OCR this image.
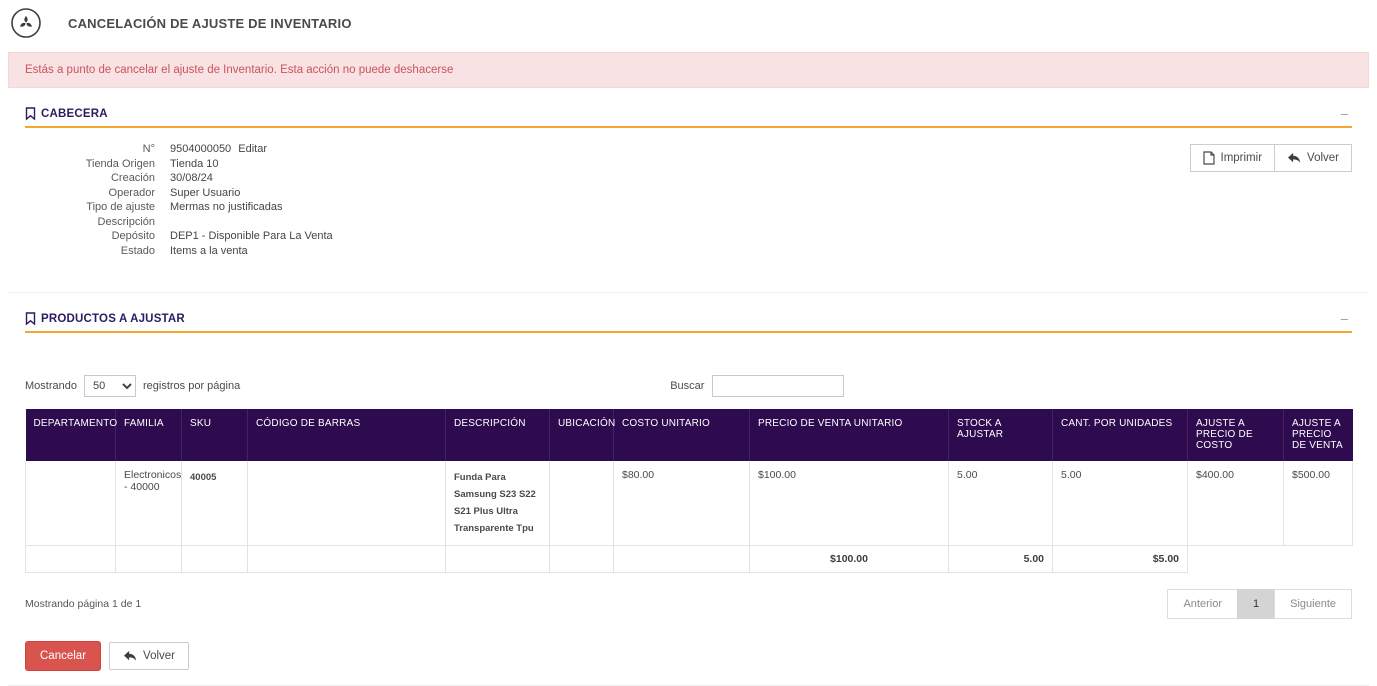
CANCELACIÓN DE AJUSTE DE INVENTARIO
Estás a punto de cancelar el ajuste de Inventario. Esta acción no puede deshacerse
CABECERA	–
Imprimir	Volver
N° 9504000050 Editar
Tienda Origen Tienda 10
Creación 30/08/24
Operador Super Usuario
Tipo de ajuste Mermas no justificadas
Descripción
Depósito DEP1 - Disponible Para La Venta
Estado Items a la venta
PRODUCTOS A AJUSTAR	–
Mostrando
50	registros por página	Buscar
DEPARTAMENTO	FAMILIA	SKU	CÓDIGO DE BARRAS	DESCRIPCIÓN	UBICACIÓN	COSTO UNITARIO	PRECIO DE VENTA UNITARIO	STOCK A AJUSTAR	CANT. POR UNIDADES	AJUSTE A PRECIO DE COSTO	AJUSTE A PRECIO DE VENTA
	Electronicos - 40000	40005		Funda Para Samsung S23 S22 S21 Plus Ultra Transparente Tpu		$80.00	$100.00	5.00	5.00	$400.00	$500.00
							$100.00	5.00	$5.00		
Mostrando página 1 de 1	Anterior	1	Siguiente
Cancelar	Volver
